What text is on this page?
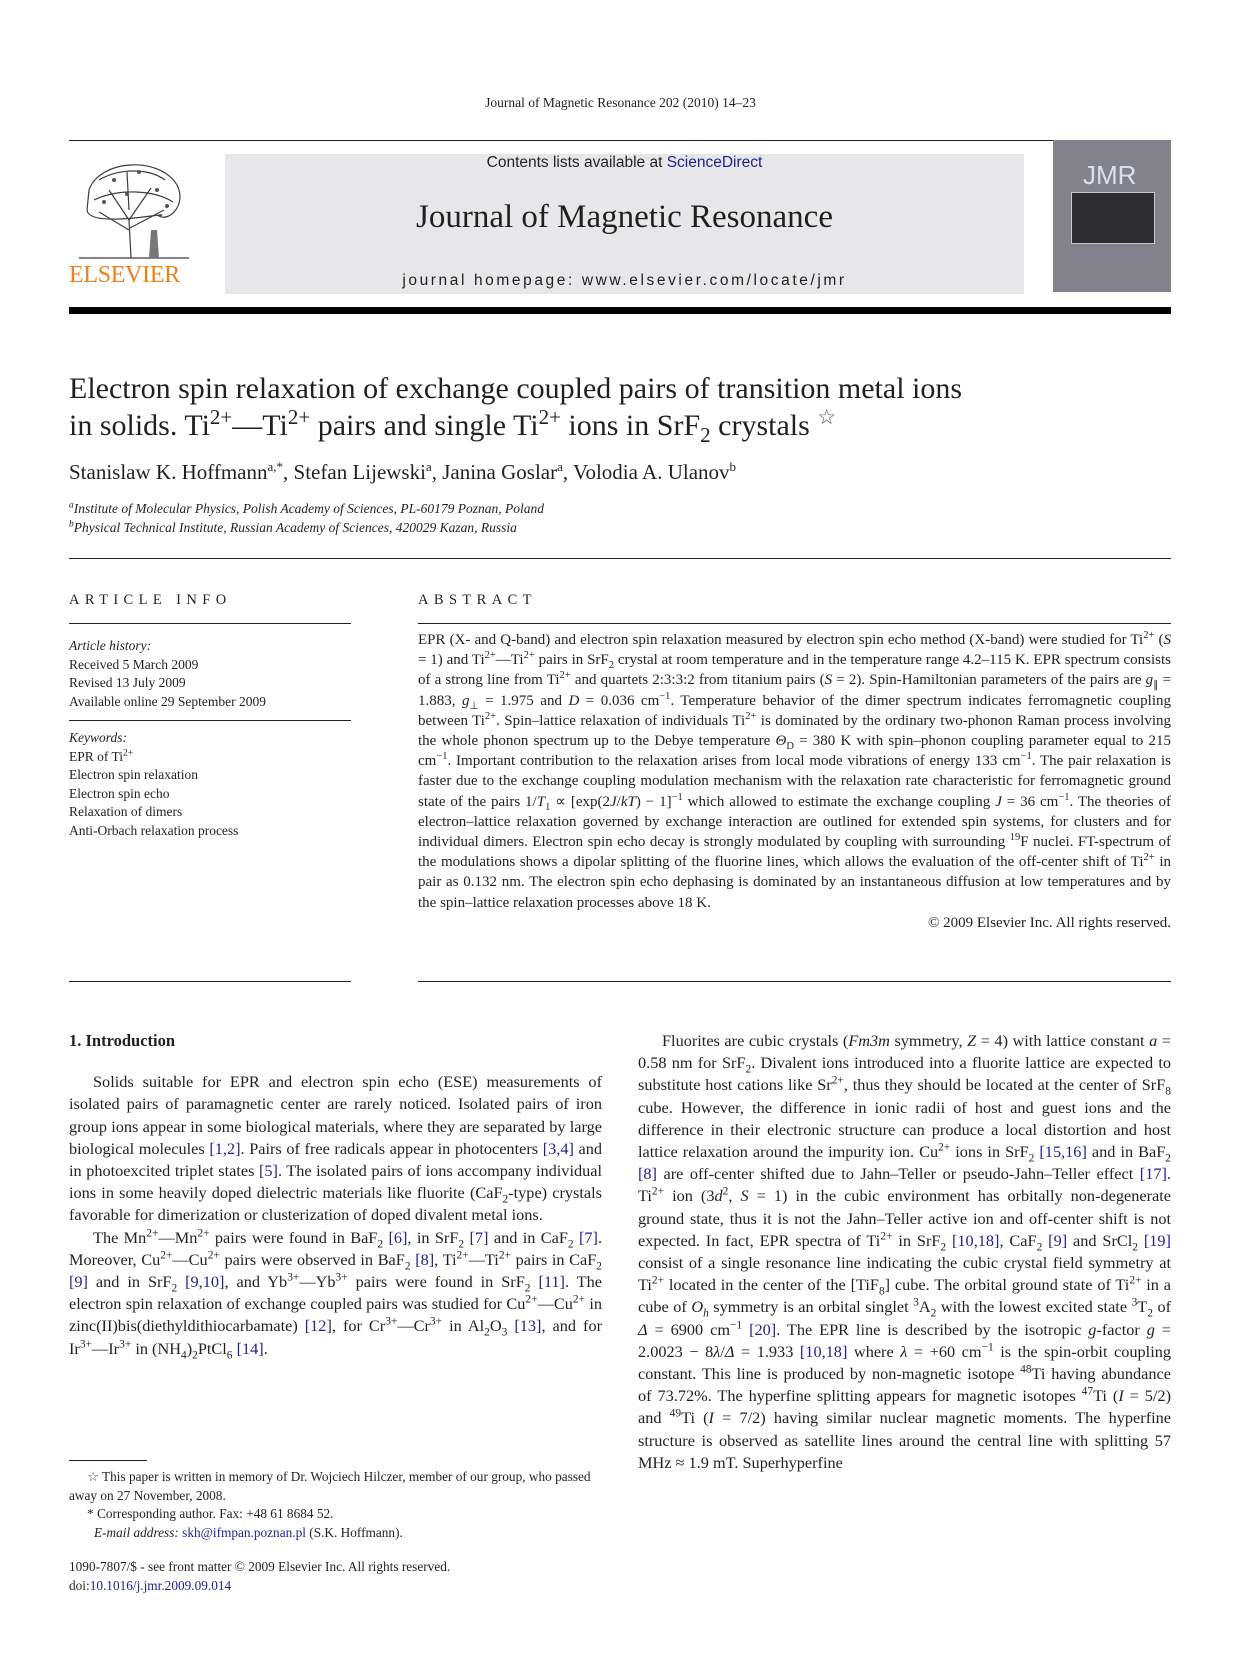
Journal of Magnetic Resonance 202 (2010) 14–23
ELSEVIER
Contents lists available at ScienceDirect
Journal of Magnetic Resonance
journal homepage: www.elsevier.com/locate/jmr
JMR
Electron spin relaxation of exchange coupled pairs of transition metal ions
in solids. $Ti^{2+}—Ti^{2+}$ pairs and single $Ti^{2+}$ ions in SrF$_2$ crystals ☆
Stanislaw K. Hoffmann$^{a,*}$, Stefan Lijewski$^a$, Janina Goslar$^a$, Volodia A. Ulanov$^b$
$^a$Institute of Molecular Physics, Polish Academy of Sciences, PL-60179 Poznan, Poland
$^b$Physical Technical Institute, Russian Academy of Sciences, 420029 Kazan, Russia
ARTICLE INFO
Article history:
Received 5 March 2009
Revised 13 July 2009
Available online 29 September 2009
Keywords:
EPR of $Ti^{2+}$
Electron spin relaxation
Electron spin echo
Relaxation of dimers
Anti-Orbach relaxation process
ABSTRACT
EPR (X- and Q-band) and electron spin relaxation measured by electron spin echo method (X-band) were studied for $Ti^{2+}$ (S = 1) and $Ti^{2+}—Ti^{2+}$ pairs in SrF$_2$ crystal at room temperature and in the temperature range 4.2–115 K. EPR spectrum consists of a strong line from $Ti^{2+}$ and quartets 2:3:3:2 from titanium pairs (S = 2). Spin-Hamiltonian parameters of the pairs are $g_\parallel = 1.883$, $g_\perp = 1.975$ and D = 0.036 $cm^{-1}$. Temperature behavior of the dimer spectrum indicates ferromagnetic coupling between $Ti^{2+}$. Spin–lattice relaxation of individuals $Ti^{2+}$ is dominated by the ordinary two-phonon Raman process involving the whole phonon spectrum up to the Debye temperature $\Theta_D = 380$ K with spin–phonon coupling parameter equal to 215 $cm^{-1}$. Important contribution to the relaxation arises from local mode vibrations of energy 133 $cm^{-1}$. The pair relaxation is faster due to the exchange coupling modulation mechanism with the relaxation rate characteristic for ferromagnetic ground state of the pairs $1/T_1 \propto [\exp(2J/kT) - 1]^{-1}$ which allowed to estimate the exchange coupling J = 36 $cm^{-1}$. The theories of electron–lattice relaxation governed by exchange interaction are outlined for extended spin systems, for clusters and for individual dimers. Electron spin echo decay is strongly modulated by coupling with surrounding $^{19}$F nuclei. FT-spectrum of the modulations shows a dipolar splitting of the fluorine lines, which allows the evaluation of the off-center shift of $Ti^{2+}$ in pair as 0.132 nm. The electron spin echo dephasing is dominated by an instantaneous diffusion at low temperatures and by the spin–lattice relaxation processes above 18 K.
© 2009 Elsevier Inc. All rights reserved.
1. Introduction

Solids suitable for EPR and electron spin echo (ESE) measurements of isolated pairs of paramagnetic center are rarely noticed. Isolated pairs of iron group ions appear in some biological materials, where they are separated by large biological molecules [1,2]. Pairs of free radicals appear in photocenters [3,4] and in photoexcited triplet states [5]. The isolated pairs of ions accompany individual ions in some heavily doped dielectric materials like fluorite (CaF$_2$-type) crystals favorable for dimerization or clusterization of doped divalent metal ions.

The $Mn^{2+}—Mn^{2+}$ pairs were found in BaF$_2$ [6], in SrF$_2$ [7] and in CaF$_2$ [7]. Moreover, $Cu^{2+}—Cu^{2+}$ pairs were observed in BaF$_2$ [8], $Ti^{2+}—Ti^{2+}$ pairs in CaF$_2$ [9] and in SrF$_2$ [9,10], and $Yb^{3+}—Yb^{3+}$ pairs were found in SrF$_2$ [11]. The electron spin relaxation of exchange coupled pairs was studied for $Cu^{2+}—Cu^{2+}$ in zinc(II)bis(diethyldithiocarbamate) [12], for $Cr^{3+}—Cr^{3+}$ in $Al_2O_3$ [13], and for $Ir^{3+}—Ir^{3+}$ in $(NH_4)_2PtCl_6$ [14].

☆ This paper is written in memory of Dr. Wojciech Hilczer, member of our group, who passed away on 27 November, 2008.
* Corresponding author. Fax: +48 61 8684 52.
E-mail address: skh@ifmpan.poznan.pl (S.K. Hoffmann).
1090-7807/$ - see front matter © 2009 Elsevier Inc. All rights reserved.
doi:10.1016/j.jmr.2009.09.014

Fluorites are cubic crystals (Fm3m symmetry, Z = 4) with lattice constant a = 0.58 nm for SrF$_2$. Divalent ions introduced into a fluorite lattice are expected to substitute host cations like $Sr^{2+}$, thus they should be located at the center of SrF$_8$ cube. However, the difference in ionic radii of host and guest ions and the difference in their electronic structure can produce a local distortion and host lattice relaxation around the impurity ion. $Cu^{2+}$ ions in SrF$_2$ [15,16] and in BaF$_2$ [8] are off-center shifted due to Jahn–Teller or pseudo-Jahn–Teller effect [17]. $Ti^{2+}$ ion ($3d^2$, S = 1) in the cubic environment has orbitally non-degenerate ground state, thus it is not the Jahn–Teller active ion and off-center shift is not expected. In fact, EPR spectra of $Ti^{2+}$ in SrF$_2$ [10,18], CaF$_2$ [9] and SrCl$_2$ [19] consist of a single resonance line indicating the cubic crystal field symmetry at $Ti^{2+}$ located in the center of the [TiF$_8$] cube. The orbital ground state of $Ti^{2+}$ in a cube of $O_h$ symmetry is an orbital singlet $^3A_2$ with the lowest excited state $^3T_2$ of Δ = 6900 $cm^{-1}$ [20]. The EPR line is described by the isotropic g-factor g = 2.0023 − 8λ/Δ = 1.933 [10,18] where λ = +60 $cm^{-1}$ is the spin-orbit coupling constant. This line is produced by non-magnetic isotope $^{48}$Ti having abundance of 73.72%. The hyperfine splitting appears for magnetic isotopes $^{47}$Ti (I = 5/2) and $^{49}$Ti (I = 7/2) having similar nuclear magnetic moments. The hyperfine structure is observed as satellite lines around the central line with splitting 57 MHz ≈ 1.9 mT. Superhyperfine
